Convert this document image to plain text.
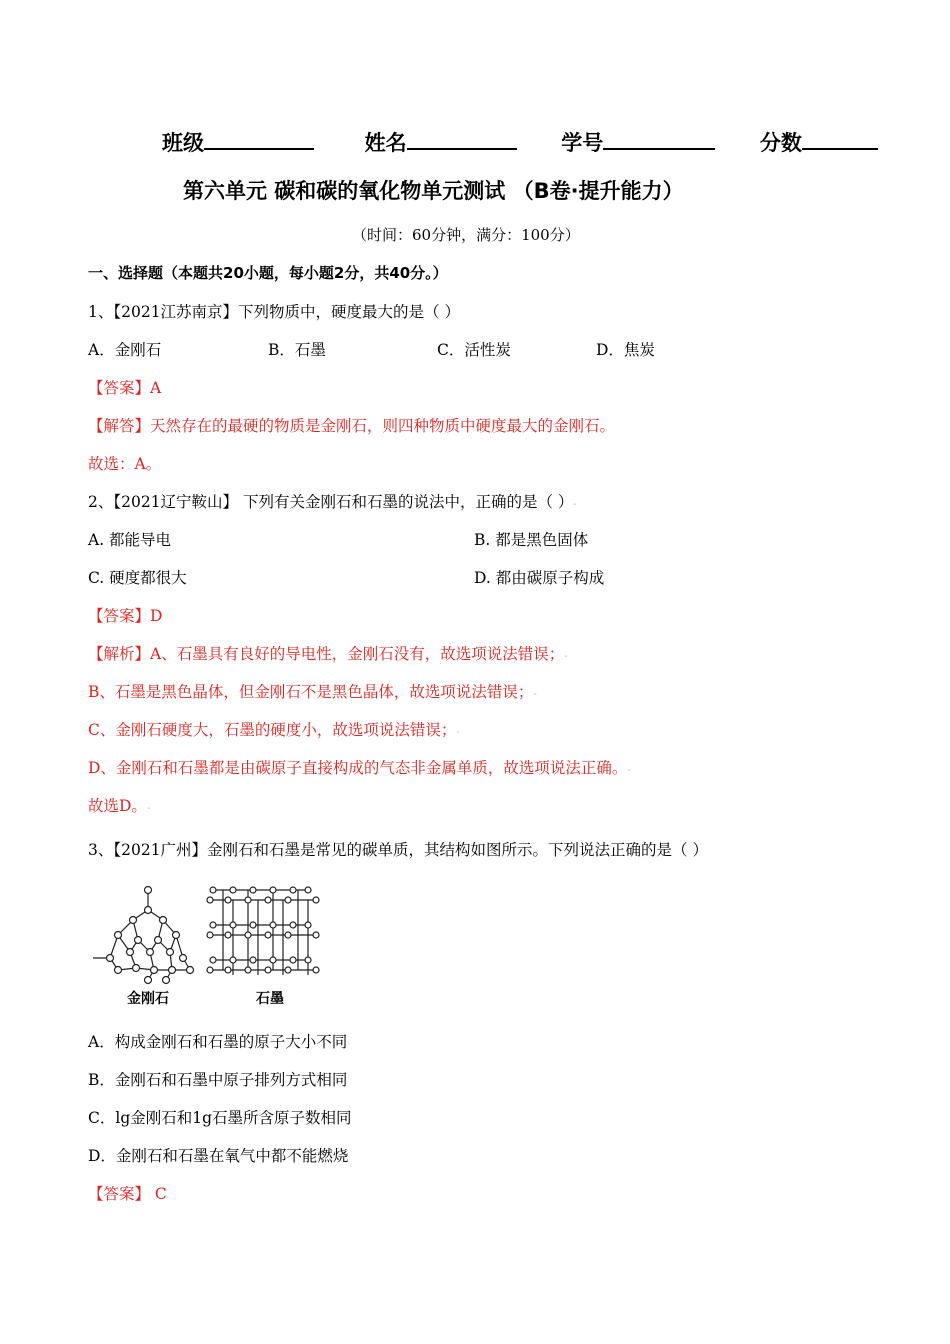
班级	姓名	学号	分数
第六单元 碳和碳的氧化物单元测试 （B卷·提升能力）
（时间：60分钟，满分：100分）
一、选择题（本题共20小题，每小题2分，共40分。）
1、【2021江苏南京】下列物质中，硬度最大的是（ ）
A．金刚石	B．石墨	C．活性炭	D．焦炭
【答案】A
【解答】天然存在的最硬的物质是金刚石，则四种物质中硬度最大的金刚石。
故选：A。
2、【2021辽宁鞍山】 下列有关金刚石和石墨的说法中，正确的是（ ）-
A. 都能导电	B. 都是黑色固体
C. 硬度都很大	D. 都由碳原子构成
【答案】D
【解析】A、石墨具有良好的导电性，金刚石没有，故选项说法错误；-
B、石墨是黑色晶体，但金刚石不是黑色晶体，故选项说法错误；-
C、金刚石硬度大，石墨的硬度小，故选项说法错误；-
D、金刚石和石墨都是由碳原子直接构成的气态非金属单质，故选项说法正确。-
故选D。-
3、【2021广州】金刚石和石墨是常见的碳单质，其结构如图所示。下列说法正确的是（ ）
金刚石	石墨
A．构成金刚石和石墨的原子大小不同
B．金刚石和石墨中原子排列方式相同
C．lg金刚石和1g石墨所含原子数相同
D．金刚石和石墨在氧气中都不能燃烧
【答案】 C
